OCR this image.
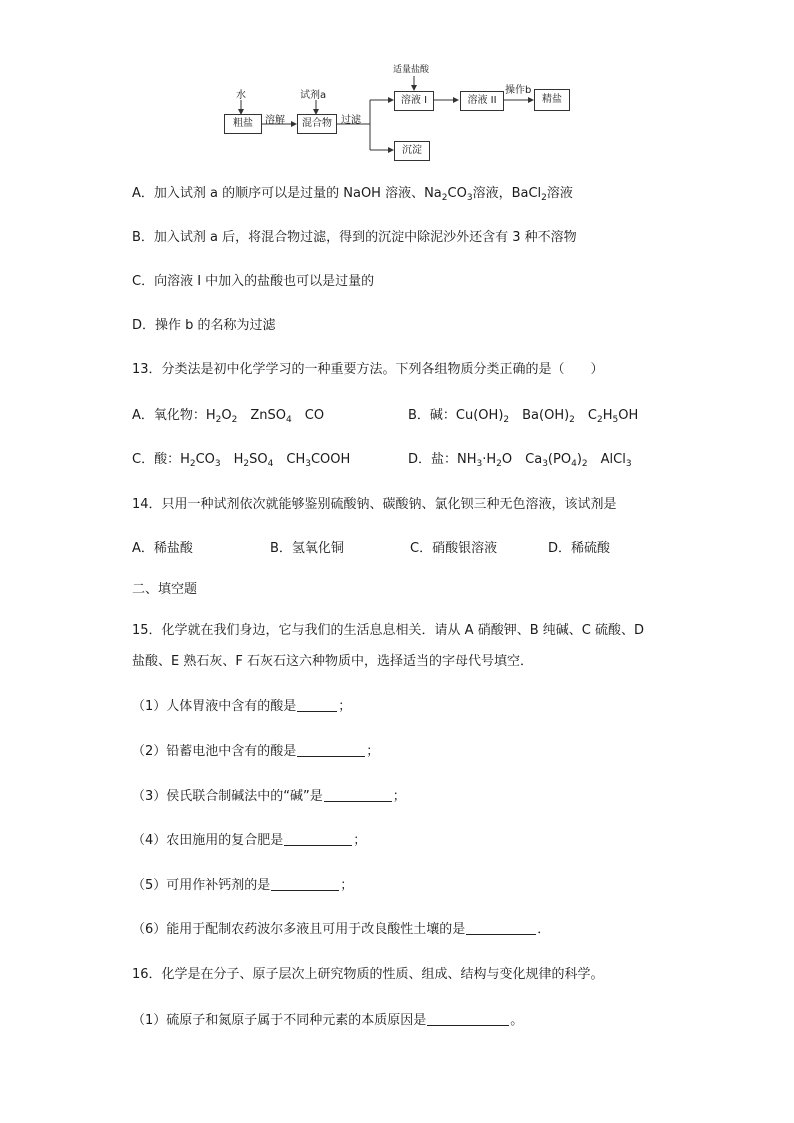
水
粗盐	溶解
试剂a
混合物 过滤
适量盐酸
溶液 I	溶液 II
操作b
精盐
沉淀
A．加入试剂 a 的顺序可以是过量的 NaOH 溶液、$Na_2CO_3$溶液，BaCl$_2$溶液
B．加入试剂 a 后，将混合物过滤，得到的沉淀中除泥沙外还含有 3 种不溶物
C．向溶液 I 中加入的盐酸也可以是过量的
D．操作 b 的名称为过滤
13．分类法是初中化学学习的一种重要方法。下列各组物质分类正确的是（　　）
A．氧化物：$H_2O_2$　ZnSO$_4$　CO	B．碱：$Cu(OH)_2$　$Ba(OH)_2$　$C_2H_5OH$
C．酸：$H_2CO_3$　$H_2SO_4$　$CH_3COOH$	D．盐：$NH_3\cdot H_2O$　$Ca_3(PO_4)_2$　AlCl$_3$
14．只用一种试剂依次就能够鉴别硫酸钠、碳酸钠、氯化钡三种无色溶液，该试剂是
A．稀盐酸	B．氢氧化铜	C．硝酸银溶液	D．稀硫酸
二、填空题
15．化学就在我们身边，它与我们的生活息息相关．请从 A 硝酸钾、B 纯碱、C 硫酸、D
盐酸、E 熟石灰、F 石灰石这六种物质中，选择适当的字母代号填空．
（1）人体胃液中含有的酸是	；
（2）铅蓄电池中含有的酸是	；
（3）侯氏联合制碱法中的“碱”是	；
（4）农田施用的复合肥是	；
（5）可用作补钙剂的是	；
（6）能用于配制农药波尔多液且可用于改良酸性土壤的是	．
16．化学是在分子、原子层次上研究物质的性质、组成、结构与变化规律的科学。
（1）硫原子和氮原子属于不同种元素的本质原因是	。
